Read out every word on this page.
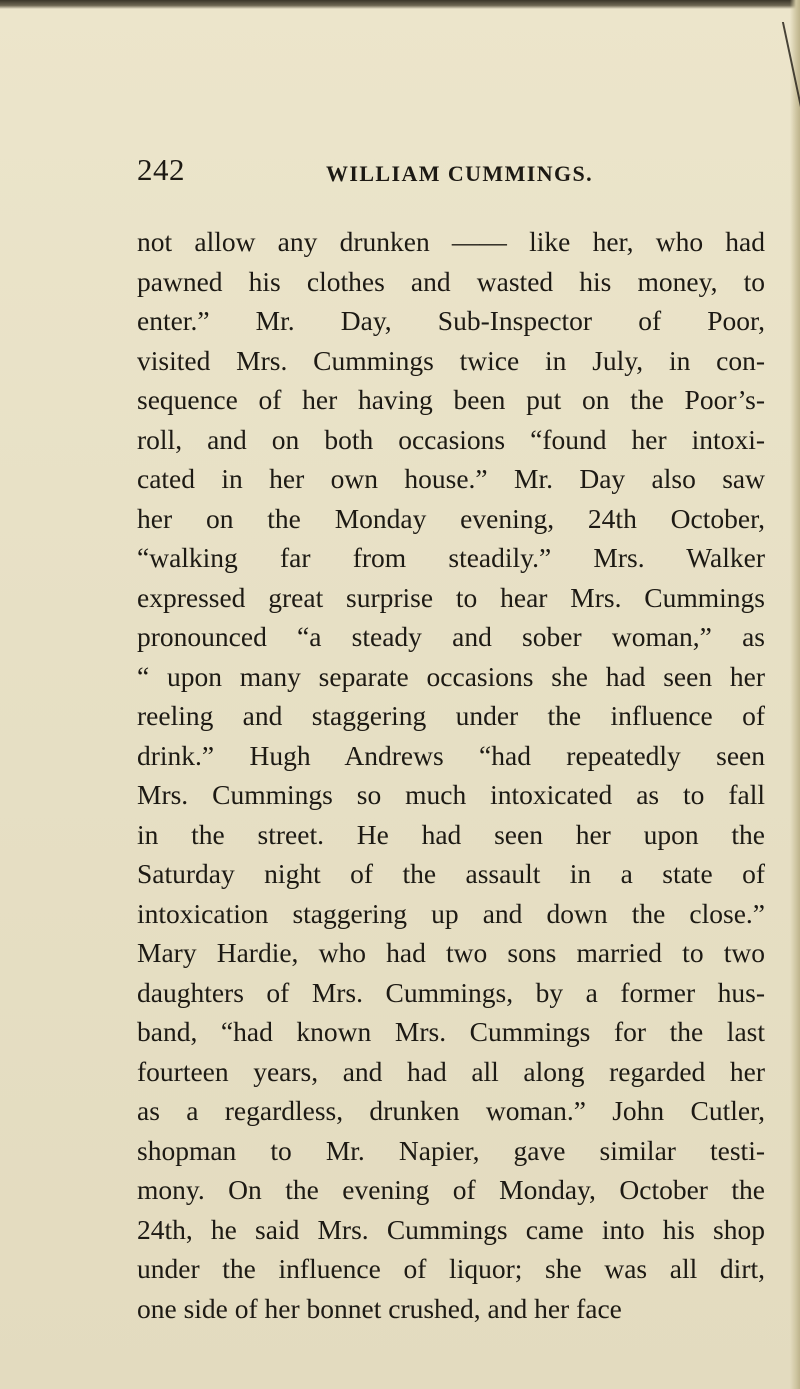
242	WILLIAM CUMMINGS.
not allow any drunken —— like her, who had
pawned his clothes and wasted his money, to
enter.” Mr. Day, Sub-Inspector of Poor,
visited Mrs. Cummings twice in July, in con-
sequence of her having been put on the Poor’s-
roll, and on both occasions “found her intoxi-
cated in her own house.” Mr. Day also saw
her on the Monday evening, 24th October,
“walking far from steadily.” Mrs. Walker
expressed great surprise to hear Mrs. Cummings
pronounced “a steady and sober woman,” as
“ upon many separate occasions she had seen her
reeling and staggering under the influence of
drink.” Hugh Andrews “had repeatedly seen
Mrs. Cummings so much intoxicated as to fall
in the street. He had seen her upon the
Saturday night of the assault in a state of
intoxication staggering up and down the close.”
Mary Hardie, who had two sons married to two
daughters of Mrs. Cummings, by a former hus-
band, “had known Mrs. Cummings for the last
fourteen years, and had all along regarded her
as a regardless, drunken woman.” John Cutler,
shopman to Mr. Napier, gave similar testi-
mony. On the evening of Monday, October the
24th, he said Mrs. Cummings came into his shop
under the influence of liquor; she was all dirt,
one side of her bonnet crushed, and her face
